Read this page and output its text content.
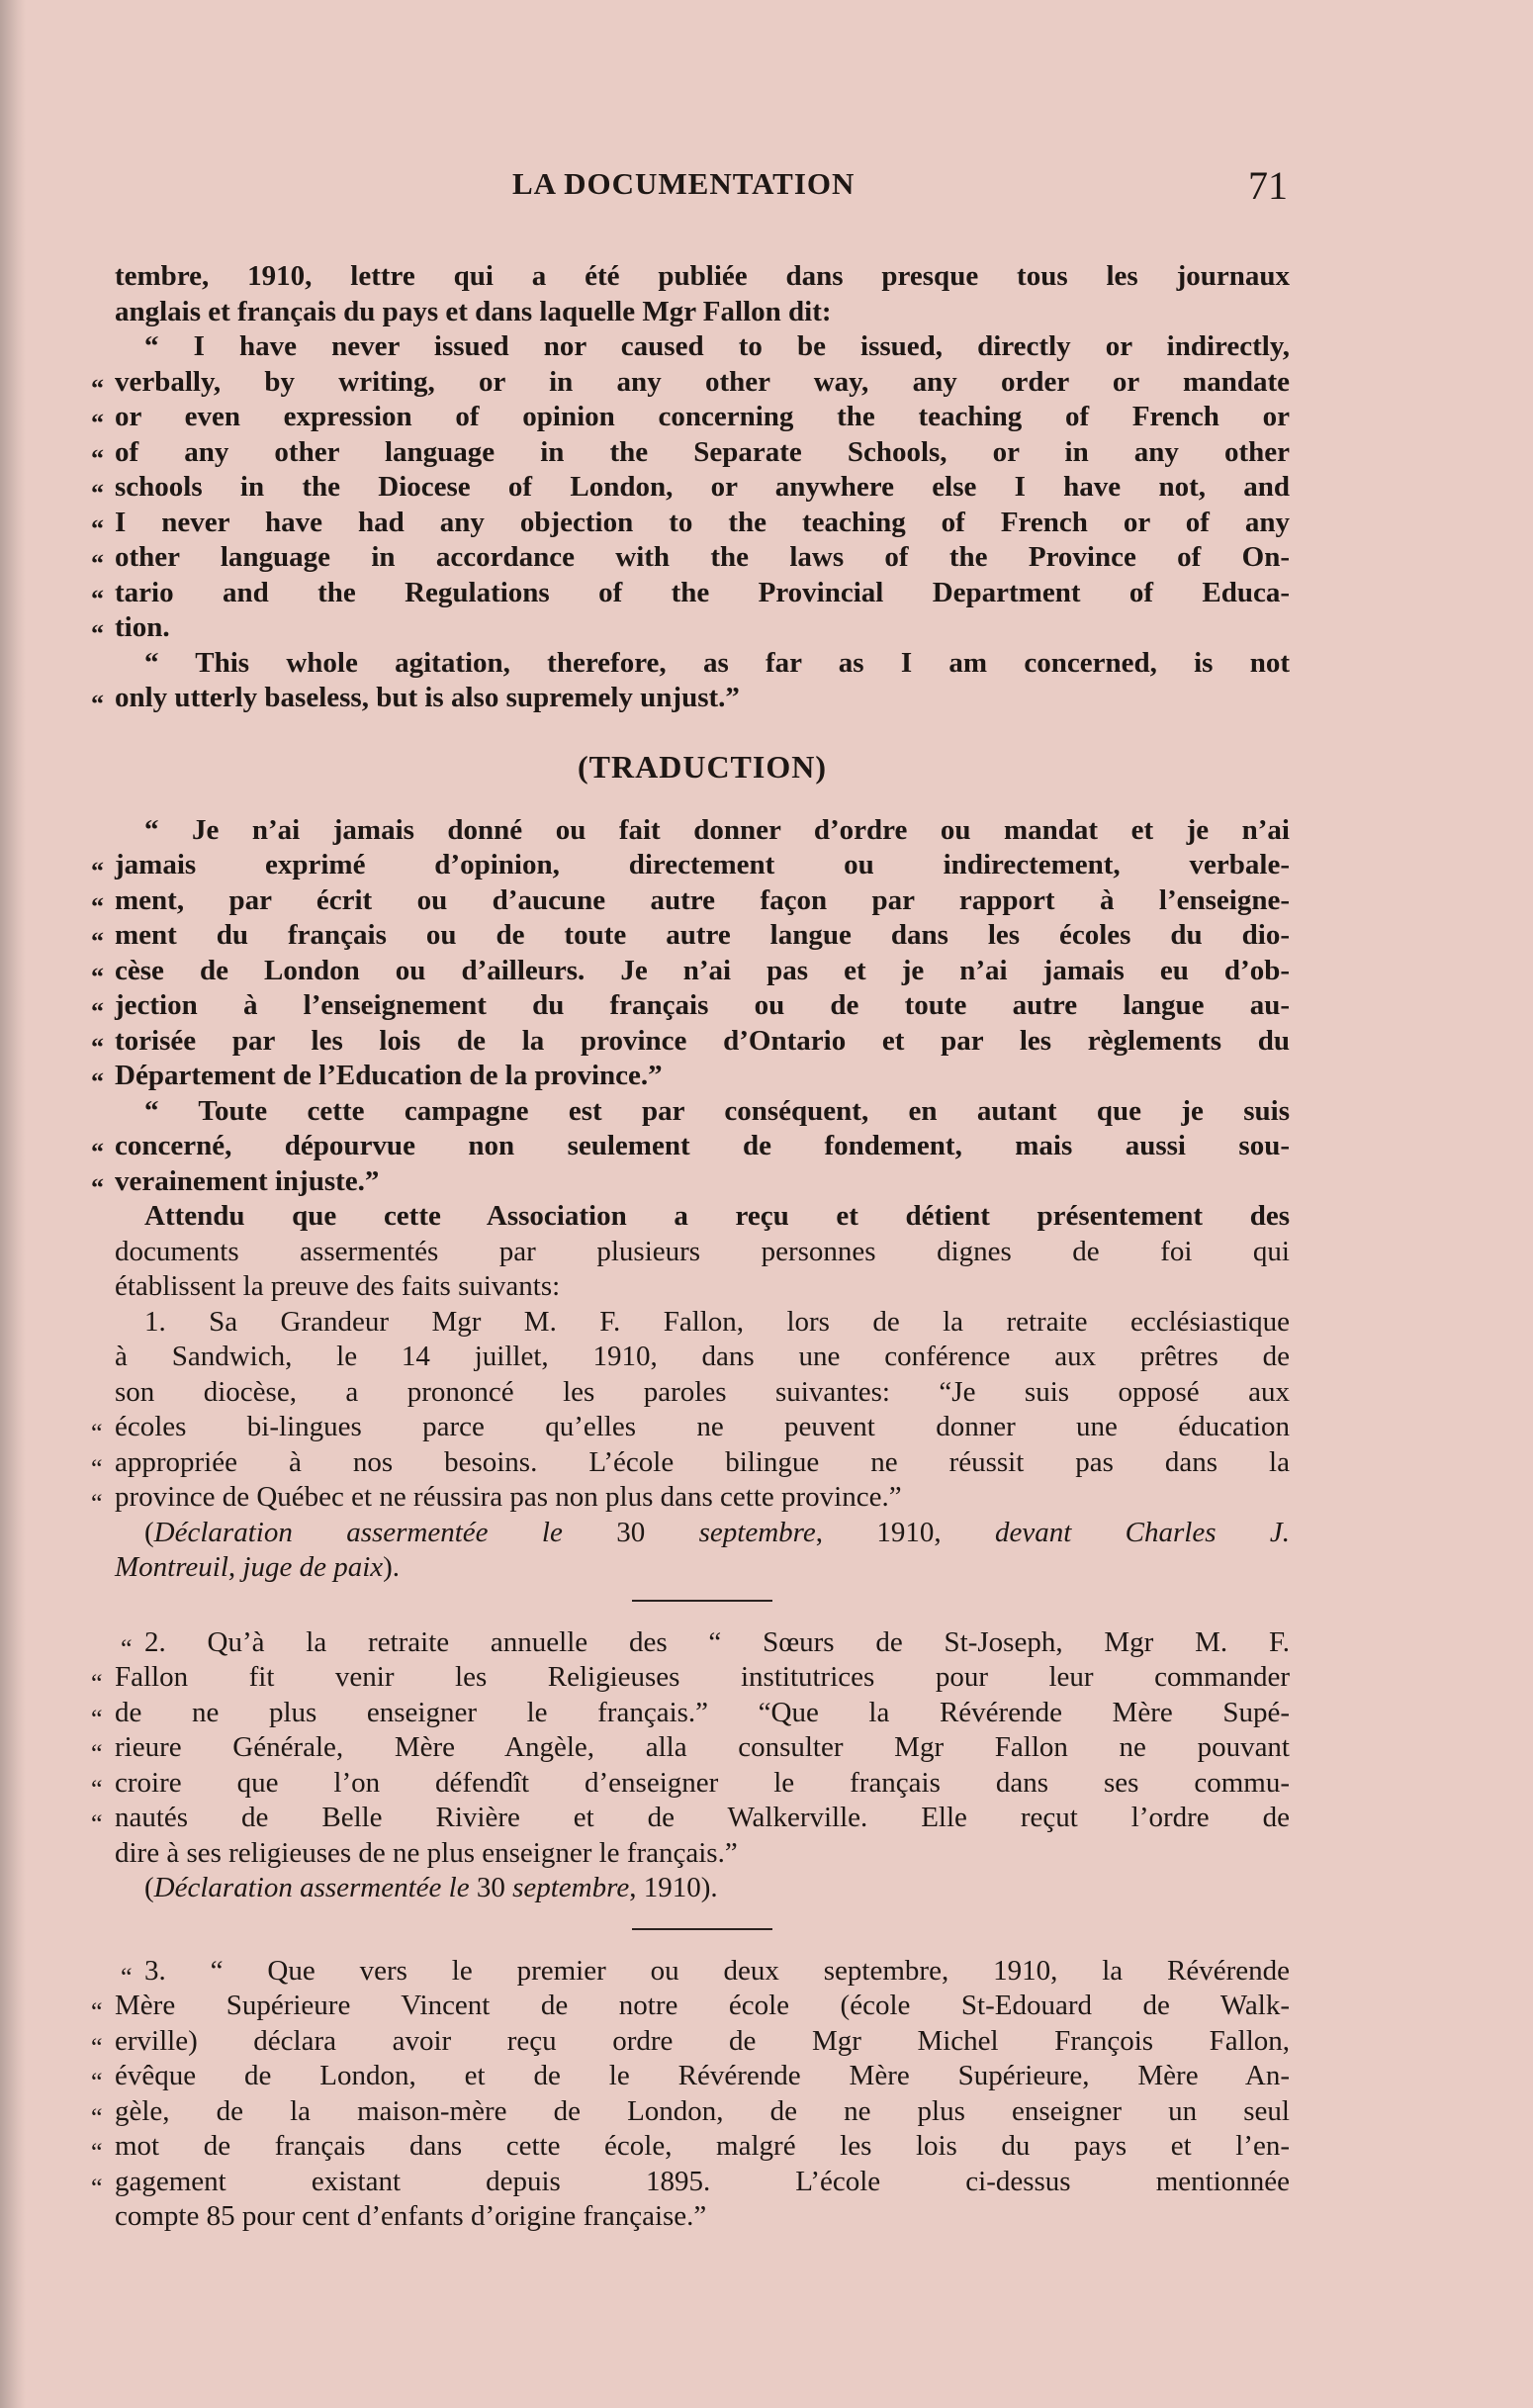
LA DOCUMENTATION	71
tembre, 1910, lettre qui a été publiée dans presque tous les journaux
anglais et français du pays et dans laquelle Mgr Fallon dit:
“ I have never issued nor caused to be issued, directly or indirectly,
“ verbally, by writing, or in any other way, any order or mandate
“ or even expression of opinion concerning the teaching of French or
“ of any other language in the Separate Schools, or in any other
“ schools in the Diocese of London, or anywhere else I have not, and
“ I never have had any objection to the teaching of French or of any
“ other language in accordance with the laws of the Province of On-
“ tario and the Regulations of the Provincial Department of Educa-
“ tion.
“ This whole agitation, therefore, as far as I am concerned, is not
“ only utterly baseless, but is also supremely unjust.”
(TRADUCTION)
“ Je n’ai jamais donné ou fait donner d’ordre ou mandat et je n’ai
“ jamais exprimé d’opinion, directement ou indirectement, verbale-
“ ment, par écrit ou d’aucune autre façon par rapport à l’enseigne-
“ ment du français ou de toute autre langue dans les écoles du dio-
“ cèse de London ou d’ailleurs. Je n’ai pas et je n’ai jamais eu d’ob-
“ jection à l’enseignement du français ou de toute autre langue au-
“ torisée par les lois de la province d’Ontario et par les règlements du
“ Département de l’Education de la province.”
“ Toute cette campagne est par conséquent, en autant que je suis
“ concerné, dépourvue non seulement de fondement, mais aussi sou-
“ verainement injuste.”
Attendu que cette Association a reçu et détient présentement des
documents assermentés par plusieurs personnes dignes de foi qui
établissent la preuve des faits suivants:
1. Sa Grandeur Mgr M. F. Fallon, lors de la retraite ecclésiastique
à Sandwich, le 14 juillet, 1910, dans une conférence aux prêtres de
son diocèse, a prononcé les paroles suivantes: “Je suis opposé aux
“ écoles bi-lingues parce qu’elles ne peuvent donner une éducation
“ appropriée à nos besoins. L’école bilingue ne réussit pas dans la
“ province de Québec et ne réussira pas non plus dans cette province.”
(Déclaration assermentée le 30 septembre, 1910, devant Charles J.
Montreuil, juge de paix).
“ 2. Qu’à la retraite annuelle des “ Sœurs de St-Joseph, Mgr M. F.
“ Fallon fit venir les Religieuses institutrices pour leur commander
“ de ne plus enseigner le français.” “Que la Révérende Mère Supé-
“ rieure Générale, Mère Angèle, alla consulter Mgr Fallon ne pouvant
“ croire que l’on défendît d’enseigner le français dans ses commu-
“ nautés de Belle Rivière et de Walkerville. Elle reçut l’ordre de
dire à ses religieuses de ne plus enseigner le français.”
(Déclaration assermentée le 30 septembre, 1910).
“ 3. “ Que vers le premier ou deux septembre, 1910, la Révérende
“ Mère Supérieure Vincent de notre école (école St-Edouard de Walk-
“ erville) déclara avoir reçu ordre de Mgr Michel François Fallon,
“ évêque de London, et de le Révérende Mère Supérieure, Mère An-
“ gèle, de la maison-mère de London, de ne plus enseigner un seul
“ mot de français dans cette école, malgré les lois du pays et l’en-
“ gagement existant depuis 1895. L’école ci-dessus mentionnée
compte 85 pour cent d’enfants d’origine française.”
